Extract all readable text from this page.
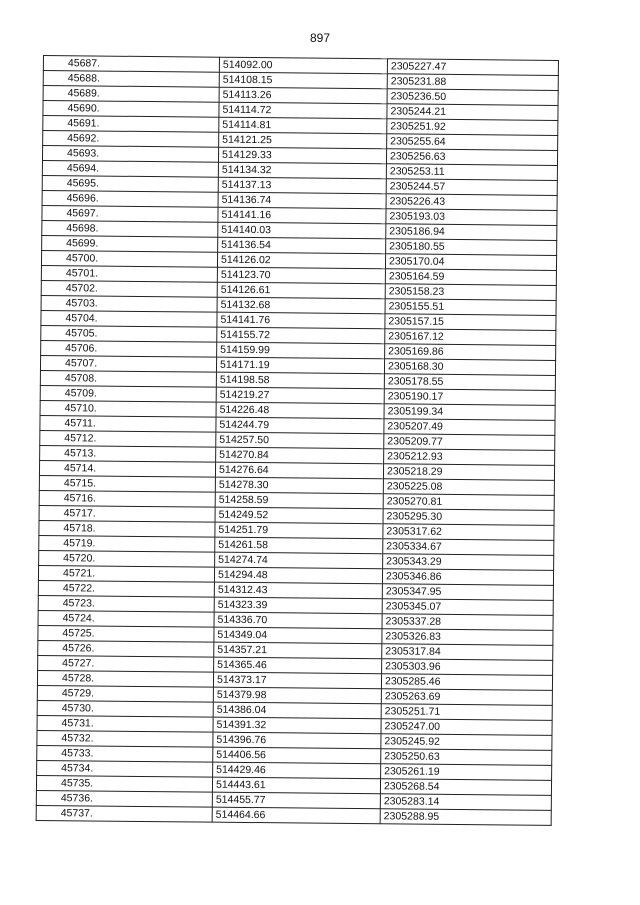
897
45687.	514092.00	2305227.47
45688.	514108.15	2305231.88
45689.	514113.26	2305236.50
45690.	514114.72	2305244.21
45691.	514114.81	2305251.92
45692.	514121.25	2305255.64
45693.	514129.33	2305256.63
45694.	514134.32	2305253.11
45695.	514137.13	2305244.57
45696.	514136.74	2305226.43
45697.	514141.16	2305193.03
45698.	514140.03	2305186.94
45699.	514136.54	2305180.55
45700.	514126.02	2305170.04
45701.	514123.70	2305164.59
45702.	514126.61	2305158.23
45703.	514132.68	2305155.51
45704.	514141.76	2305157.15
45705.	514155.72	2305167.12
45706.	514159.99	2305169.86
45707.	514171.19	2305168.30
45708.	514198.58	2305178.55
45709.	514219.27	2305190.17
45710.	514226.48	2305199.34
45711.	514244.79	2305207.49
45712.	514257.50	2305209.77
45713.	514270.84	2305212.93
45714.	514276.64	2305218.29
45715.	514278.30	2305225.08
45716.	514258.59	2305270.81
45717.	514249.52	2305295.30
45718.	514251.79	2305317.62
45719.	514261.58	2305334.67
45720.	514274.74	2305343.29
45721.	514294.48	2305346.86
45722.	514312.43	2305347.95
45723.	514323.39	2305345.07
45724.	514336.70	2305337.28
45725.	514349.04	2305326.83
45726.	514357.21	2305317.84
45727.	514365.46	2305303.96
45728.	514373.17	2305285.46
45729.	514379.98	2305263.69
45730.	514386.04	2305251.71
45731.	514391.32	2305247.00
45732.	514396.76	2305245.92
45733.	514406.56	2305250.63
45734.	514429.46	2305261.19
45735.	514443.61	2305268.54
45736.	514455.77	2305283.14
45737.	514464.66	2305288.95
